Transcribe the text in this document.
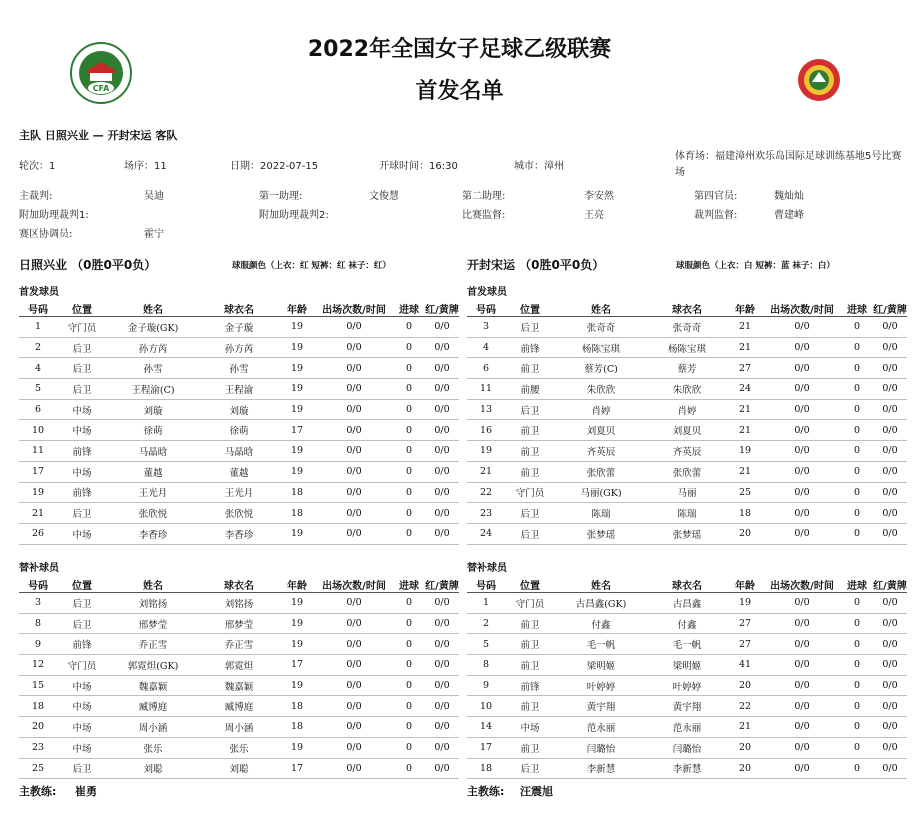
2022年全国女子足球乙级联赛
首发名单
CFA
主队 日照兴业 — 开封宋运 客队
轮次：1	场序：11	日期：2022-07-15	开球时间：16:30	城市：漳州
体育场：福建漳州欢乐岛国际足球训练基地5号比赛场
主裁判:	吴迪	第一助理:	文俊慧	第二助理:	李安然	第四官员:	魏灿灿
附加助理裁判1:	附加助理裁判2:	比赛监督:	王亮	裁判监督:	曹建峰
赛区协调员:	霍宁
日照兴业 （0胜0平0负）	球服颜色（上衣：红 短裤：红 袜子：红）	开封宋运 （0胜0平0负）	球服颜色（上衣：白 短裤：蓝 袜子：白）
首发球员	首发球员
号码	位置	姓名	球衣名	年龄	出场次数/时间	进球	红/黄牌
1	守门员	金子璇(GK)	金子璇	19	0/0	0	0/0
2	后卫	孙方芮	孙方芮	19	0/0	0	0/0
4	后卫	孙雪	孙雪	19	0/0	0	0/0
5	后卫	王程渝(C)	王程渝	19	0/0	0	0/0
6	中场	刘璇	刘璇	19	0/0	0	0/0
10	中场	徐萌	徐萌	17	0/0	0	0/0
11	前锋	马晶晗	马晶晗	19	0/0	0	0/0
17	中场	董越	董越	19	0/0	0	0/0
19	前锋	王光月	王光月	18	0/0	0	0/0
21	后卫	张欣悦	张欣悦	18	0/0	0	0/0
26	中场	李香珍	李香珍	19	0/0	0	0/0
号码	位置	姓名	球衣名	年龄	出场次数/时间	进球	红/黄牌
3	后卫	张奇奇	张奇奇	21	0/0	0	0/0
4	前锋	杨陈宝琪	杨陈宝琪	21	0/0	0	0/0
6	前卫	蔡芳(C)	蔡芳	27	0/0	0	0/0
11	前腰	朱欣欣	朱欣欣	24	0/0	0	0/0
13	后卫	肖婷	肖婷	21	0/0	0	0/0
16	前卫	刘夏贝	刘夏贝	21	0/0	0	0/0
19	前卫	齐英辰	齐英辰	19	0/0	0	0/0
21	前卫	张欣蕾	张欣蕾	21	0/0	0	0/0
22	守门员	马丽(GK)	马丽	25	0/0	0	0/0
23	后卫	陈瑞	陈瑞	18	0/0	0	0/0
24	后卫	张梦瑶	张梦瑶	20	0/0	0	0/0
替补球员	替补球员
号码	位置	姓名	球衣名	年龄	出场次数/时间	进球	红/黄牌
3	后卫	刘铭扬	刘铭扬	19	0/0	0	0/0
8	后卫	邢梦莹	邢梦莹	19	0/0	0	0/0
9	前锋	乔正雪	乔正雪	19	0/0	0	0/0
12	守门员	郭霓炟(GK)	郭霓炟	17	0/0	0	0/0
15	中场	魏嘉颖	魏嘉颖	19	0/0	0	0/0
18	中场	臧博庭	臧博庭	18	0/0	0	0/0
20	中场	周小涵	周小涵	18	0/0	0	0/0
23	中场	张乐	张乐	19	0/0	0	0/0
25	后卫	刘聪	刘聪	17	0/0	0	0/0
号码	位置	姓名	球衣名	年龄	出场次数/时间	进球	红/黄牌
1	守门员	古昌鑫(GK)	古昌鑫	19	0/0	0	0/0
2	前卫	付鑫	付鑫	27	0/0	0	0/0
5	前卫	毛一帆	毛一帆	27	0/0	0	0/0
8	前卫	梁明姬	梁明姬	41	0/0	0	0/0
9	前锋	叶婷婷	叶婷婷	20	0/0	0	0/0
10	前卫	黄宇翔	黄宇翔	22	0/0	0	0/0
14	中场	范永丽	范永丽	21	0/0	0	0/0
17	前卫	闫璐怡	闫璐怡	20	0/0	0	0/0
18	后卫	李新慧	李新慧	20	0/0	0	0/0
主教练: 崔勇	主教练: 汪震旭
